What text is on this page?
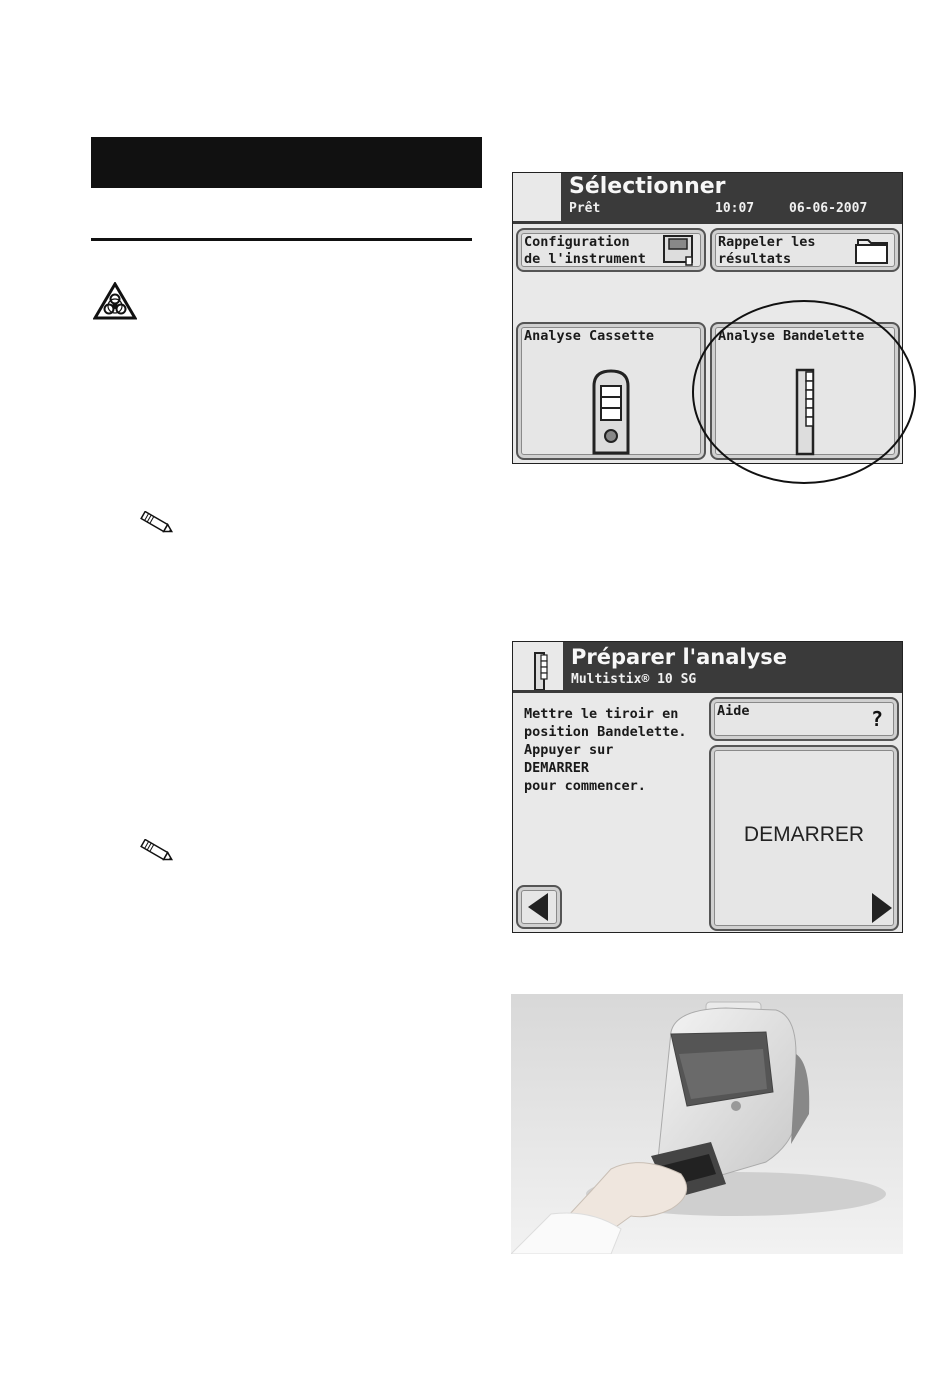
Sélectionner
Prêt	10:07	06-06-2007
Configuration
de l'instrument
Rappeler les
résultats
Analyse Cassette	Analyse Bandelette
Préparer l'analyse
Multistix® 10 SG
Mettre le tiroir en
position Bandelette.
Appuyer sur
DEMARRER
pour commencer.
Aide	?
DEMARRER
